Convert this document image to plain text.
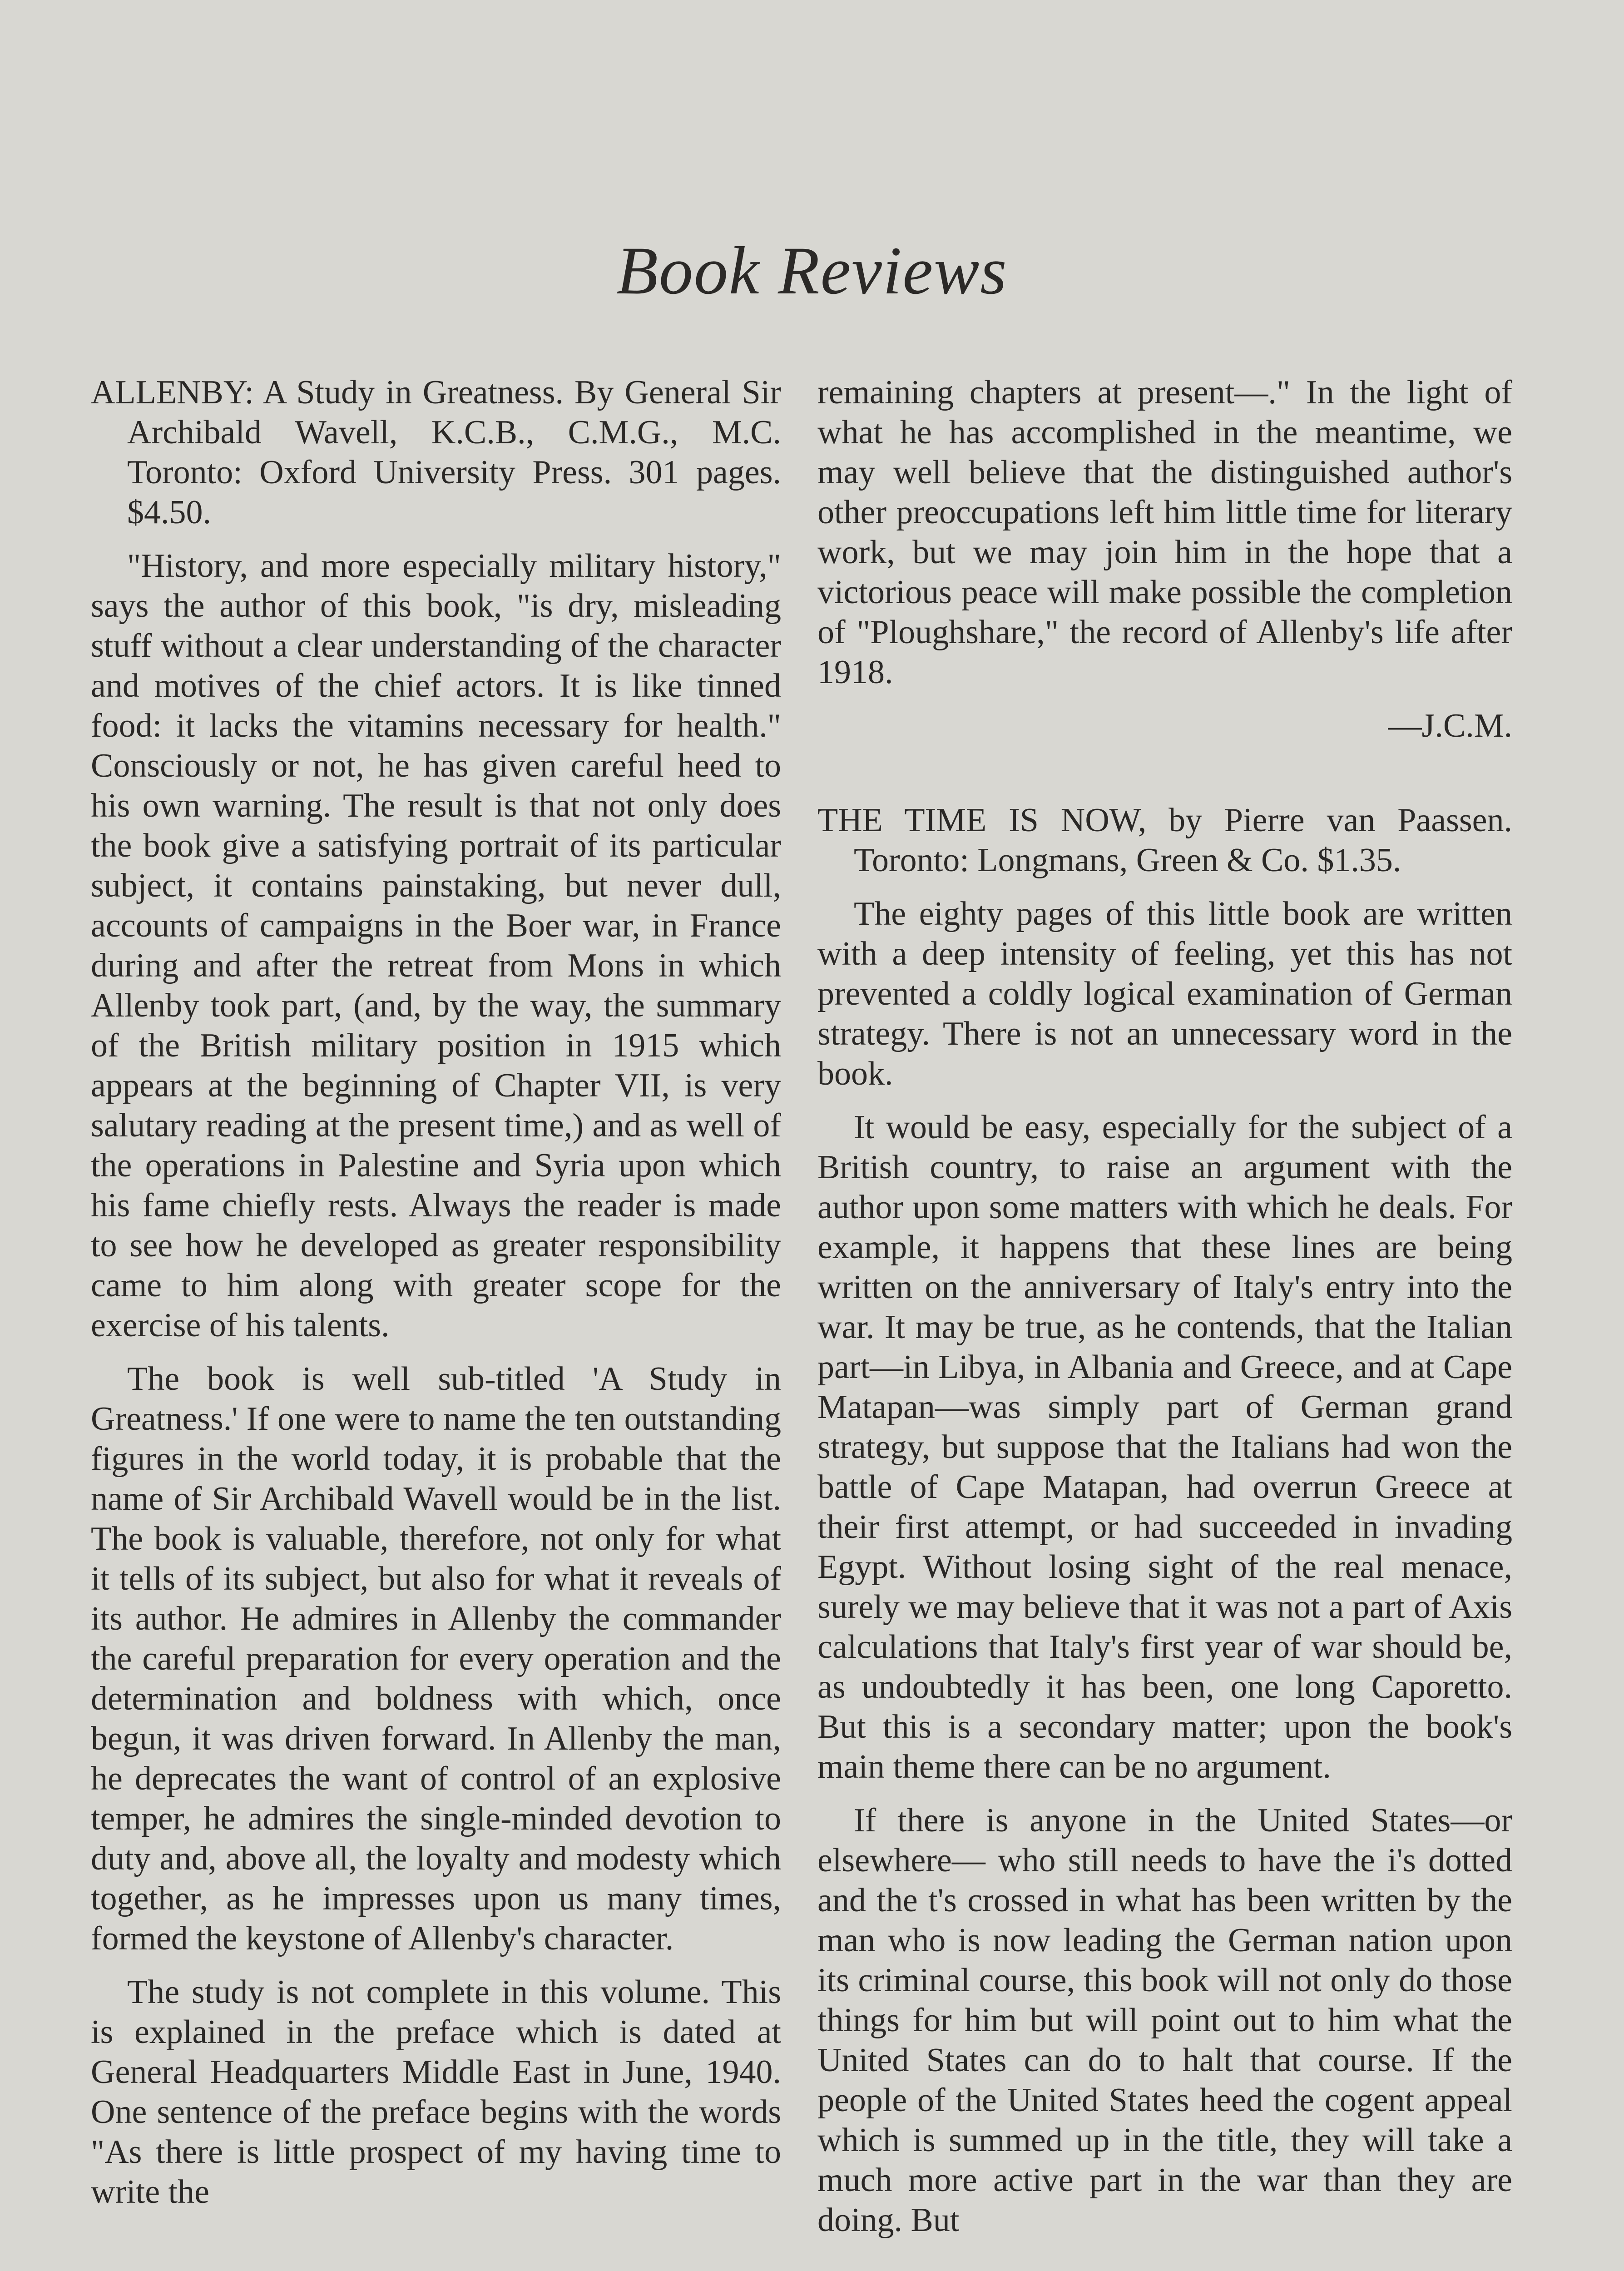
Book Reviews

ALLENBY: A Study in Greatness. By General Sir Archibald Wavell, K.C.B., C.M.G., M.C. Toronto: Oxford University Press. 301 pages. $4.50.

"History, and more especially military history," says the author of this book, "is dry, misleading stuff without a clear understanding of the character and motives of the chief actors. It is like tinned food: it lacks the vitamins necessary for health." Consciously or not, he has given careful heed to his own warning. The result is that not only does the book give a satisfying portrait of its particular subject, it contains painstaking, but never dull, accounts of campaigns in the Boer war, in France during and after the retreat from Mons in which Allenby took part, (and, by the way, the summary of the British military position in 1915 which appears at the beginning of Chapter VII, is very salutary reading at the present time,) and as well of the operations in Palestine and Syria upon which his fame chiefly rests. Always the reader is made to see how he developed as greater responsibility came to him along with greater scope for the exercise of his talents.

The book is well sub-titled 'A Study in Greatness.' If one were to name the ten outstanding figures in the world today, it is probable that the name of Sir Archibald Wavell would be in the list. The book is valuable, therefore, not only for what it tells of its subject, but also for what it reveals of its author. He admires in Allenby the commander the careful preparation for every operation and the determination and boldness with which, once begun, it was driven forward. In Allenby the man, he deprecates the want of control of an explosive temper, he admires the single-minded devotion to duty and, above all, the loyalty and modesty which together, as he impresses upon us many times, formed the keystone of Allenby's character.

The study is not complete in this volume. This is explained in the preface which is dated at General Headquarters Middle East in June, 1940. One sentence of the preface begins with the words "As there is little prospect of my having time to write the

remaining chapters at present—." In the light of what he has accomplished in the meantime, we may well believe that the distinguished author's other preoccupations left him little time for literary work, but we may join him in the hope that a victorious peace will make possible the completion of "Ploughshare," the record of Allenby's life after 1918.

—J.C.M.

THE TIME IS NOW, by Pierre van Paassen. Toronto: Longmans, Green & Co. $1.35.

The eighty pages of this little book are written with a deep intensity of feeling, yet this has not prevented a coldly logical examination of German strategy. There is not an unnecessary word in the book.

It would be easy, especially for the subject of a British country, to raise an argument with the author upon some matters with which he deals. For example, it happens that these lines are being written on the anniversary of Italy's entry into the war. It may be true, as he contends, that the Italian part—in Libya, in Albania and Greece, and at Cape Matapan—was simply part of German grand strategy, but suppose that the Italians had won the battle of Cape Matapan, had overrun Greece at their first attempt, or had succeeded in invading Egypt. Without losing sight of the real menace, surely we may believe that it was not a part of Axis calculations that Italy's first year of war should be, as undoubtedly it has been, one long Caporetto. But this is a secondary matter; upon the book's main theme there can be no argument.

If there is anyone in the United States—or elsewhere— who still needs to have the i's dotted and the t's crossed in what has been written by the man who is now leading the German nation upon its criminal course, this book will not only do those things for him but will point out to him what the United States can do to halt that course. If the people of the United States heed the cogent appeal which is summed up in the title, they will take a much more active part in the war than they are doing. But
